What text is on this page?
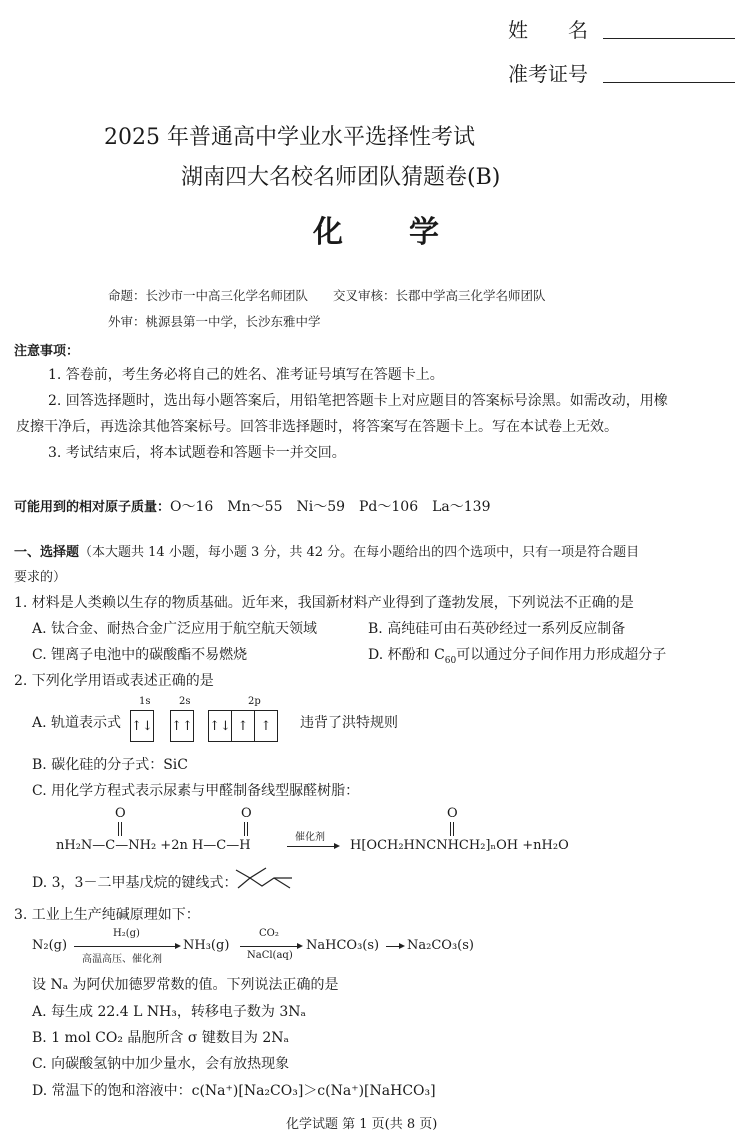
姓　　名
准考证号
2025 年普通高中学业水平选择性考试
湖南四大名校名师团队猜题卷(B)
化　　学
命题：长沙市一中高三化学名师团队　　交叉审核：长郡中学高三化学名师团队
外审：桃源县第一中学，长沙东雅中学
注意事项：
1. 答卷前，考生务必将自己的姓名、准考证号填写在答题卡上。
2. 回答选择题时，选出每小题答案后，用铅笔把答题卡上对应题目的答案标号涂黑。如需改动，用橡
皮擦干净后，再选涂其他答案标号。回答非选择题时，将答案写在答题卡上。写在本试卷上无效。
3. 考试结束后，将本试题卷和答题卡一并交回。
可能用到的相对原子质量：O～16　Mn～55　Ni～59　Pd～106　La～139
一、选择题（本大题共 14 小题，每小题 3 分，共 42 分。在每小题给出的四个选项中，只有一项是符合题目
要求的）
1. 材料是人类赖以生存的物质基础。近年来，我国新材料产业得到了蓬勃发展，下列说法不正确的是
A. 钛合金、耐热合金广泛应用于航空航天领域	B. 高纯硅可由石英砂经过一系列反应制备
C. 锂离子电池中的碳酸酯不易燃烧	D. 杯酚和 $C_{60}$可以通过分子间作用力形成超分子
2. 下列化学用语或表述正确的是
A. 轨道表示式
1s	2s	2p
↑↓ ↑↑ ↑↓ ↑ ↑	违背了洪特规则
B. 碳化硅的分子式：SiC
C. 用化学方程式表示尿素与甲醛制备线型脲醛树脂：
O	O	O
nH₂N—C—NH₂ +2n H—C—H
催化剂
H[OCH₂HNCNHCH₂]ₙOH +nH₂O
D. 3，3－二甲基戊烷的键线式：
3. 工业上生产纯碱原理如下：
N₂(g)
H₂(g)
高温高压、催化剂
NH₃(g)
CO₂
NaCl(aq)
NaHCO₃(s) Na₂CO₃(s)
设 Nₐ 为阿伏加德罗常数的值。下列说法正确的是
A. 每生成 22.4 L NH₃，转移电子数为 3Nₐ
B. 1 mol CO₂ 晶胞所含 σ 键数目为 2Nₐ
C. 向碳酸氢钠中加少量水，会有放热现象
D. 常温下的饱和溶液中：c(Na⁺)[Na₂CO₃]＞c(Na⁺)[NaHCO₃]
化学试题 第 1 页(共 8 页)
